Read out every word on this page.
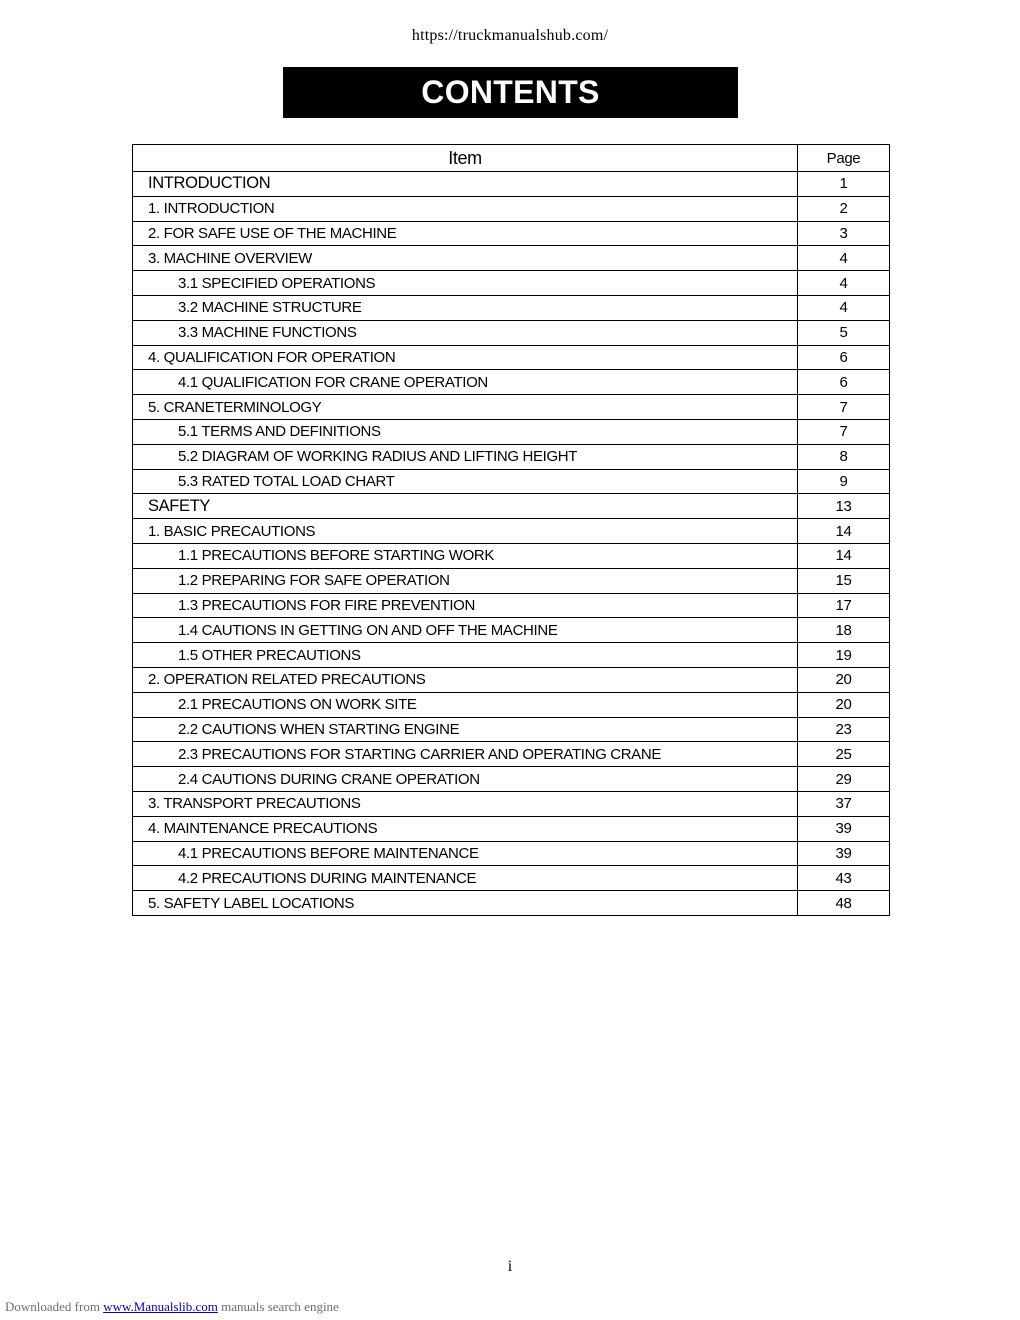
https://truckmanualshub.com/
CONTENTS
Item	Page
INTRODUCTION	1
1. INTRODUCTION	2
2. FOR SAFE USE OF THE MACHINE	3
3. MACHINE OVERVIEW	4
3.1 SPECIFIED OPERATIONS	4
3.2 MACHINE STRUCTURE	4
3.3 MACHINE FUNCTIONS	5
4. QUALIFICATION FOR OPERATION	6
4.1 QUALIFICATION FOR CRANE OPERATION	6
5. CRANETERMINOLOGY	7
5.1 TERMS AND DEFINITIONS	7
5.2 DIAGRAM OF WORKING RADIUS AND LIFTING HEIGHT	8
5.3 RATED TOTAL LOAD CHART	9
SAFETY	13
1. BASIC PRECAUTIONS	14
1.1 PRECAUTIONS BEFORE STARTING WORK	14
1.2 PREPARING FOR SAFE OPERATION	15
1.3 PRECAUTIONS FOR FIRE PREVENTION	17
1.4 CAUTIONS IN GETTING ON AND OFF THE MACHINE	18
1.5 OTHER PRECAUTIONS	19
2. OPERATION RELATED PRECAUTIONS	20
2.1 PRECAUTIONS ON WORK SITE	20
2.2 CAUTIONS WHEN STARTING ENGINE	23
2.3 PRECAUTIONS FOR STARTING CARRIER AND OPERATING CRANE	25
2.4 CAUTIONS DURING CRANE OPERATION	29
3. TRANSPORT PRECAUTIONS	37
4. MAINTENANCE PRECAUTIONS	39
4.1 PRECAUTIONS BEFORE MAINTENANCE	39
4.2 PRECAUTIONS DURING MAINTENANCE	43
5. SAFETY LABEL LOCATIONS	48
i
Downloaded from www.Manualslib.com manuals search engine
